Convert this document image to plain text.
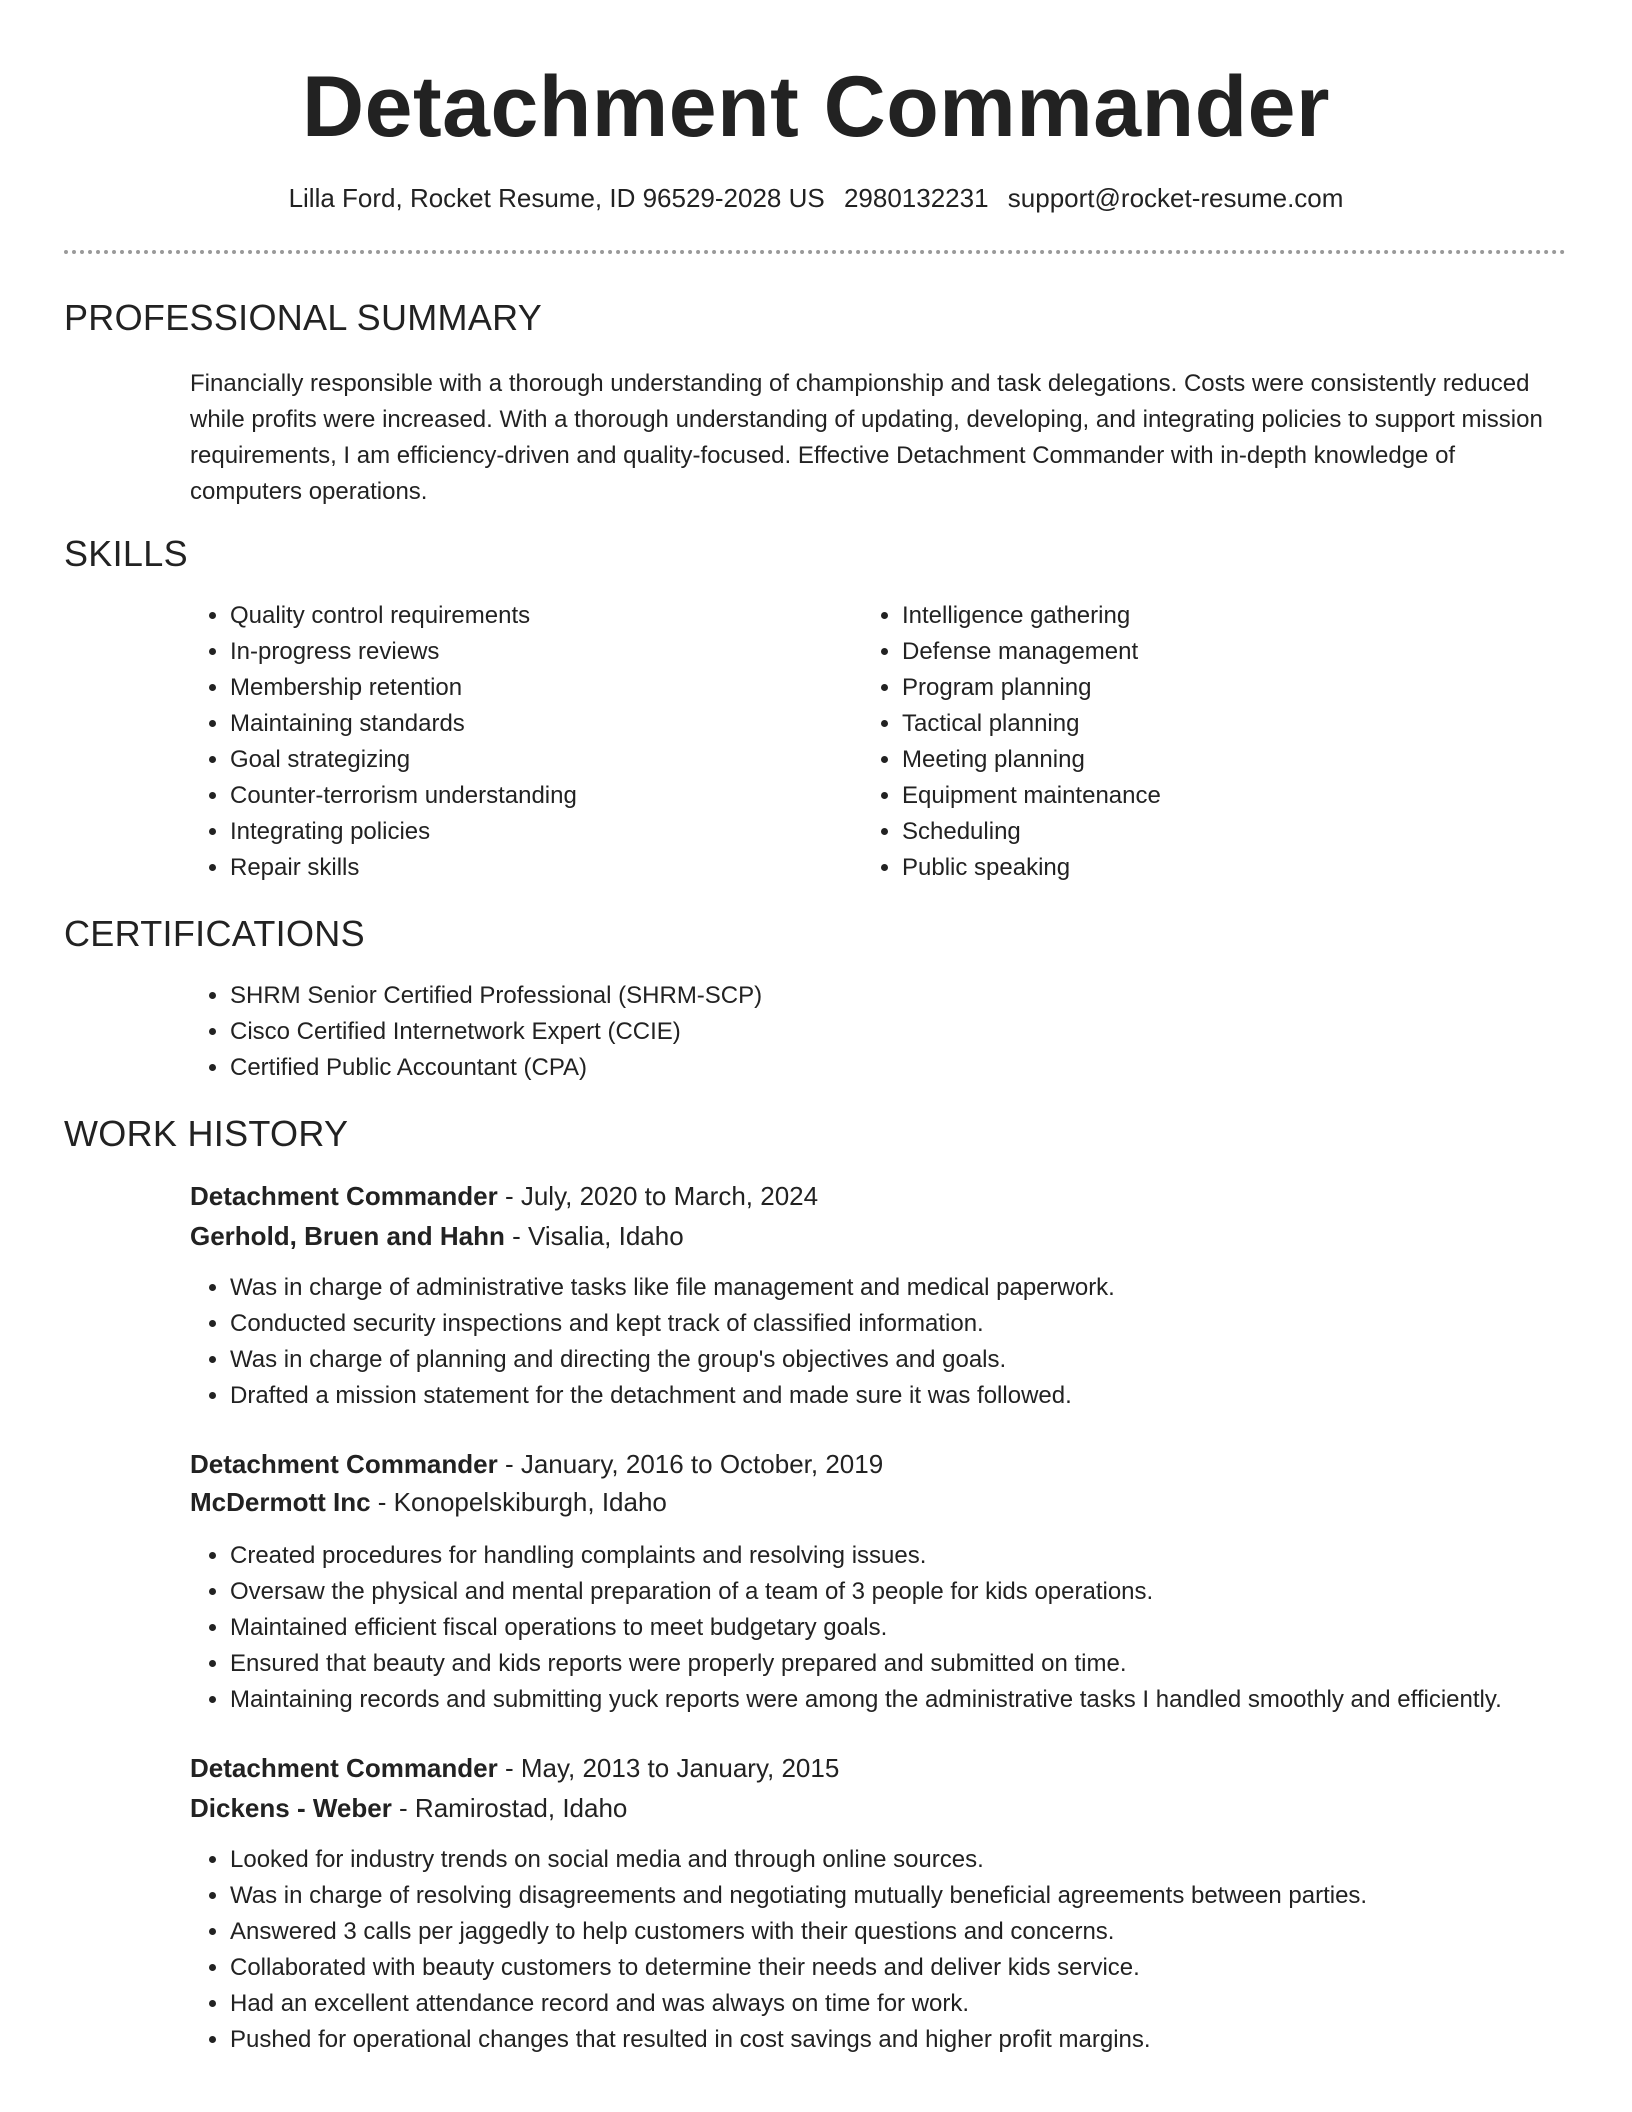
Detachment Commander
Lilla Ford, Rocket Resume, ID 96529-2028 US 2980132231 support@rocket-resume.com
PROFESSIONAL SUMMARY

Financially responsible with a thorough understanding of championship and task delegations. Costs were consistently reduced while profits were increased. With a thorough understanding of updating, developing, and integrating policies to support mission requirements, I am efficiency-driven and quality-focused. Effective Detachment Commander with in-depth knowledge of computers operations.

SKILLS
• Quality control requirements
• In-progress reviews
• Membership retention
• Maintaining standards
• Goal strategizing
• Counter-terrorism understanding
• Integrating policies
• Repair skills
• Intelligence gathering
• Defense management
• Program planning
• Tactical planning
• Meeting planning
• Equipment maintenance
• Scheduling
• Public speaking
CERTIFICATIONS
• SHRM Senior Certified Professional (SHRM-SCP)
• Cisco Certified Internetwork Expert (CCIE)
• Certified Public Accountant (CPA)
WORK HISTORY
Detachment Commander - July, 2020 to March, 2024
Gerhold, Bruen and Hahn - Visalia, Idaho
• Was in charge of administrative tasks like file management and medical paperwork.
• Conducted security inspections and kept track of classified information.
• Was in charge of planning and directing the group's objectives and goals.
• Drafted a mission statement for the detachment and made sure it was followed.
Detachment Commander - January, 2016 to October, 2019
McDermott Inc - Konopelskiburgh, Idaho
• Created procedures for handling complaints and resolving issues.
• Oversaw the physical and mental preparation of a team of 3 people for kids operations.
• Maintained efficient fiscal operations to meet budgetary goals.
• Ensured that beauty and kids reports were properly prepared and submitted on time.
• Maintaining records and submitting yuck reports were among the administrative tasks I handled smoothly and efficiently.
Detachment Commander - May, 2013 to January, 2015
Dickens - Weber - Ramirostad, Idaho
• Looked for industry trends on social media and through online sources.
• Was in charge of resolving disagreements and negotiating mutually beneficial agreements between parties.
• Answered 3 calls per jaggedly to help customers with their questions and concerns.
• Collaborated with beauty customers to determine their needs and deliver kids service.
• Had an excellent attendance record and was always on time for work.
• Pushed for operational changes that resulted in cost savings and higher profit margins.
